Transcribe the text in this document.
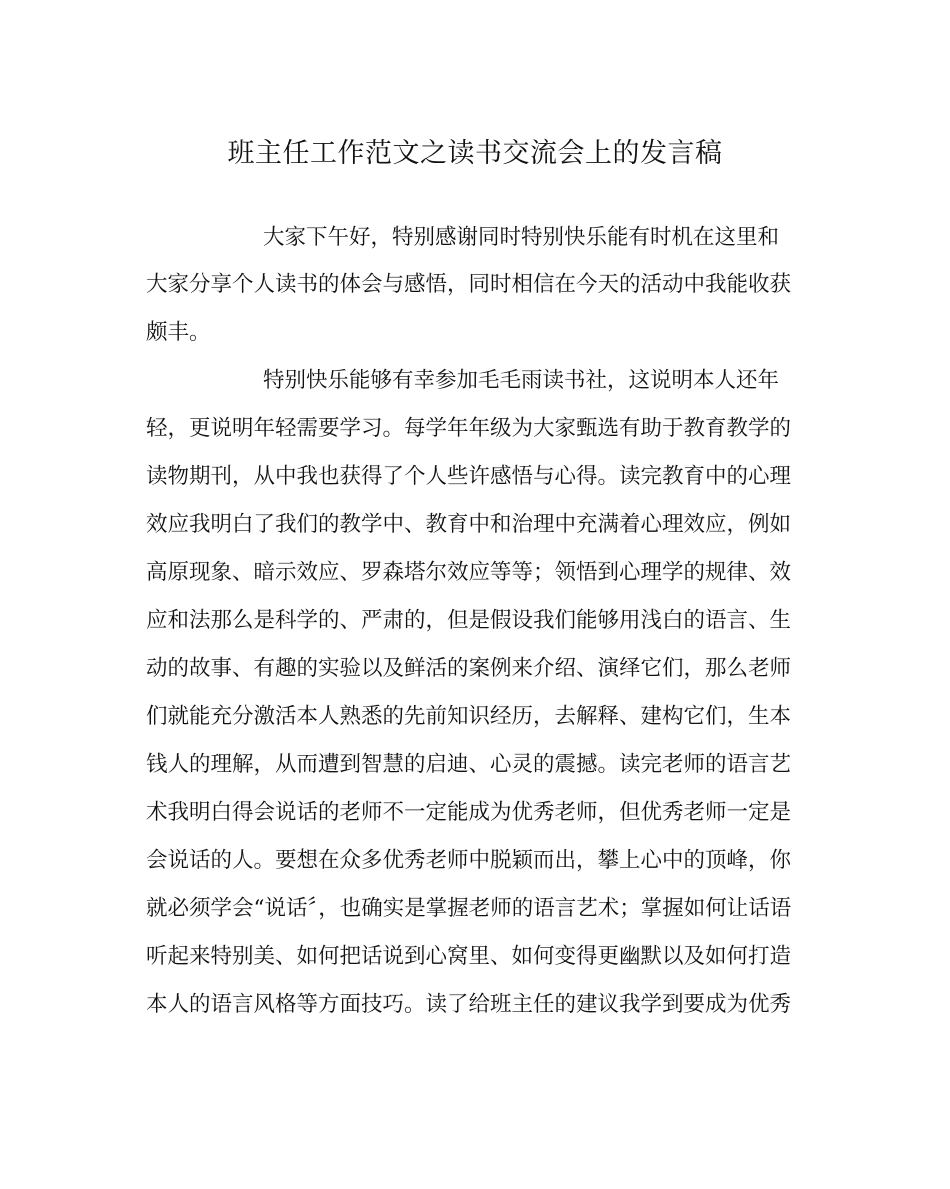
班主任工作范文之读书交流会上的发言稿

大家下午好，特别感谢同时特别快乐能有时机在这里和

大家分享个人读书的体会与感悟，同时相信在今天的活动中我能收获

颇丰。

特别快乐能够有幸参加毛毛雨读书社，这说明本人还年

轻，更说明年轻需要学习。每学年年级为大家甄选有助于教育教学的

读物期刊，从中我也获得了个人些许感悟与心得。读完教育中的心理

效应我明白了我们的教学中、教育中和治理中充满着心理效应，例如

高原现象、暗示效应、罗森塔尔效应等等；领悟到心理学的规律、效

应和法那么是科学的、严肃的，但是假设我们能够用浅白的语言、生

动的故事、有趣的实验以及鲜活的案例来介绍、演绎它们，那么老师

们就能充分激活本人熟悉的先前知识经历，去解释、建构它们，生本

钱人的理解，从而遭到智慧的启迪、心灵的震撼。读完老师的语言艺

术我明白得会说话的老师不一定能成为优秀老师，但优秀老师一定是

会说话的人。要想在众多优秀老师中脱颖而出，攀上心中的顶峰，你

就必须学会“说话〞，也确实是掌握老师的语言艺术；掌握如何让话语

听起来特别美、如何把话说到心窝里、如何变得更幽默以及如何打造

本人的语言风格等方面技巧。读了给班主任的建议我学到要成为优秀
